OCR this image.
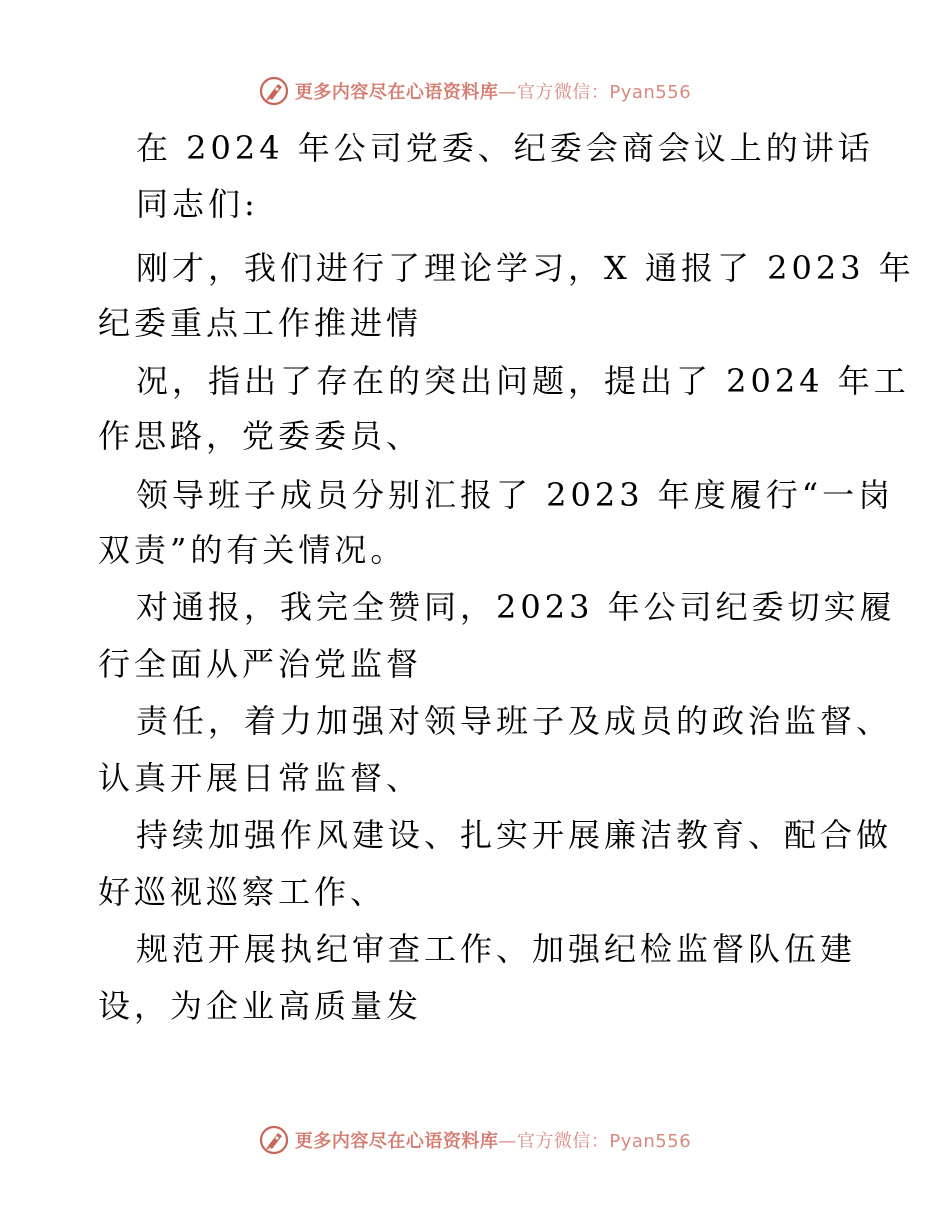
更多内容尽在心语资料库—官方微信：Pyan556
在 2024 年公司党委、纪委会商会议上的讲话
同志们:
刚才，我们进行了理论学习，X 通报了 2023 年
纪委重点工作推进情
况，指出了存在的突出问题，提出了 2024 年工
作思路，党委委员、
领导班子成员分别汇报了 2023 年度履行“一岗
双责”的有关情况。
对通报，我完全赞同，2023 年公司纪委切实履
行全面从严治党监督
责任，着力加强对领导班子及成员的政治监督、
认真开展日常监督、
持续加强作风建设、扎实开展廉洁教育、配合做
好巡视巡察工作、
规范开展执纪审查工作、加强纪检监督队伍建
设，为企业高质量发
更多内容尽在心语资料库—官方微信：Pyan556
